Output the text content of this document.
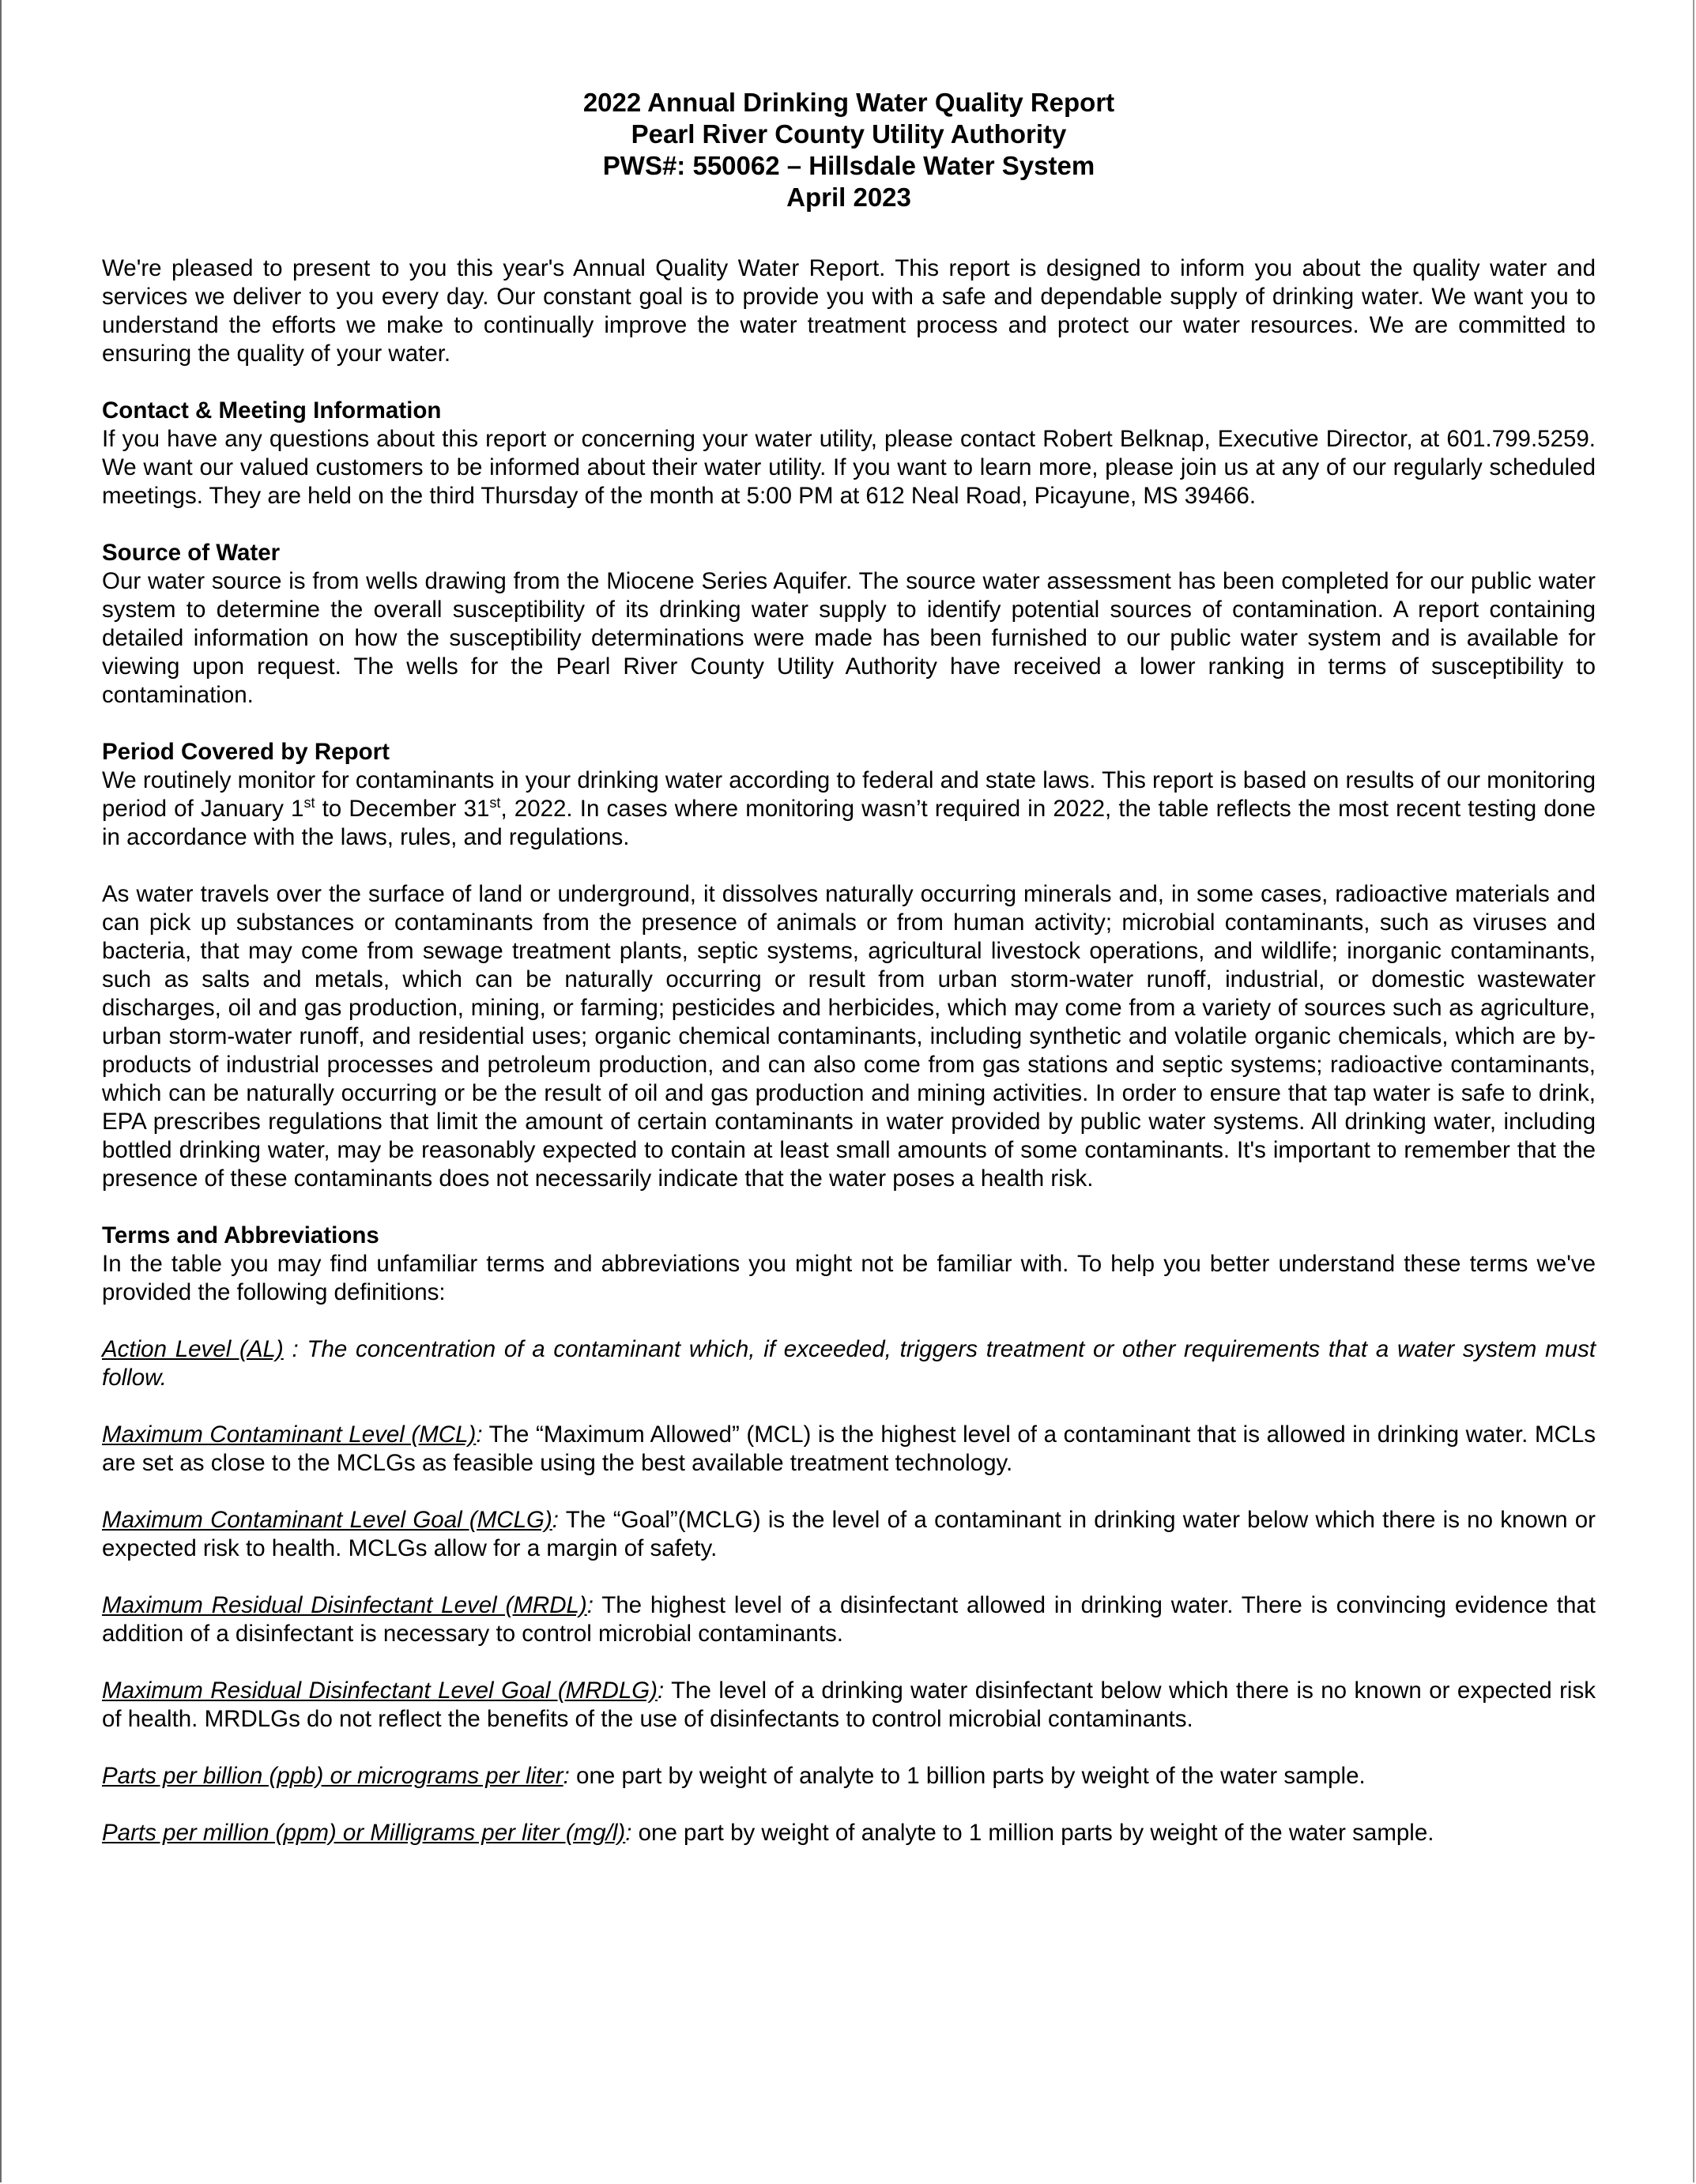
2022 Annual Drinking Water Quality Report
Pearl River County Utility Authority
PWS#: 550062 – Hillsdale Water System
April 2023

We're pleased to present to you this year's Annual Quality Water Report. This report is designed to inform you about the quality water and services we deliver to you every day. Our constant goal is to provide you with a safe and dependable supply of drinking water. We want you to understand the efforts we make to continually improve the water treatment process and protect our water resources. We are committed to ensuring the quality of your water.

Contact & Meeting Information
If you have any questions about this report or concerning your water utility, please contact Robert Belknap, Executive Director, at 601.799.5259. We want our valued customers to be informed about their water utility. If you want to learn more, please join us at any of our regularly scheduled meetings. They are held on the third Thursday of the month at 5:00 PM at 612 Neal Road, Picayune, MS 39466.

Source of Water
Our water source is from wells drawing from the Miocene Series Aquifer. The source water assessment has been completed for our public water system to determine the overall susceptibility of its drinking water supply to identify potential sources of contamination. A report containing detailed information on how the susceptibility determinations were made has been furnished to our public water system and is available for viewing upon request. The wells for the Pearl River County Utility Authority have received a lower ranking in terms of susceptibility to contamination.

Period Covered by Report
We routinely monitor for contaminants in your drinking water according to federal and state laws. This report is based on results of our monitoring period of January 1st to December 31st, 2022. In cases where monitoring wasn’t required in 2022, the table reflects the most recent testing done in accordance with the laws, rules, and regulations.

As water travels over the surface of land or underground, it dissolves naturally occurring minerals and, in some cases, radioactive materials and can pick up substances or contaminants from the presence of animals or from human activity; microbial contaminants, such as viruses and bacteria, that may come from sewage treatment plants, septic systems, agricultural livestock operations, and wildlife; inorganic contaminants, such as salts and metals, which can be naturally occurring or result from urban storm-water runoff, industrial, or domestic wastewater discharges, oil and gas production, mining, or farming; pesticides and herbicides, which may come from a variety of sources such as agriculture, urban storm-water runoff, and residential uses; organic chemical contaminants, including synthetic and volatile organic chemicals, which are by-products of industrial processes and petroleum production, and can also come from gas stations and septic systems; radioactive contaminants, which can be naturally occurring or be the result of oil and gas production and mining activities. In order to ensure that tap water is safe to drink, EPA prescribes regulations that limit the amount of certain contaminants in water provided by public water systems. All drinking water, including bottled drinking water, may be reasonably expected to contain at least small amounts of some contaminants. It's important to remember that the presence of these contaminants does not necessarily indicate that the water poses a health risk.

Terms and Abbreviations
In the table you may find unfamiliar terms and abbreviations you might not be familiar with. To help you better understand these terms we've provided the following definitions:

Action Level (AL) : The concentration of a contaminant which, if exceeded, triggers treatment or other requirements that a water system must follow.

Maximum Contaminant Level (MCL): The “Maximum Allowed” (MCL) is the highest level of a contaminant that is allowed in drinking water. MCLs are set as close to the MCLGs as feasible using the best available treatment technology.

Maximum Contaminant Level Goal (MCLG): The “Goal”(MCLG) is the level of a contaminant in drinking water below which there is no known or expected risk to health. MCLGs allow for a margin of safety.

Maximum Residual Disinfectant Level (MRDL): The highest level of a disinfectant allowed in drinking water. There is convincing evidence that addition of a disinfectant is necessary to control microbial contaminants.

Maximum Residual Disinfectant Level Goal (MRDLG): The level of a drinking water disinfectant below which there is no known or expected risk of health. MRDLGs do not reflect the benefits of the use of disinfectants to control microbial contaminants.

Parts per billion (ppb) or micrograms per liter: one part by weight of analyte to 1 billion parts by weight of the water sample.

Parts per million (ppm) or Milligrams per liter (mg/l): one part by weight of analyte to 1 million parts by weight of the water sample.
